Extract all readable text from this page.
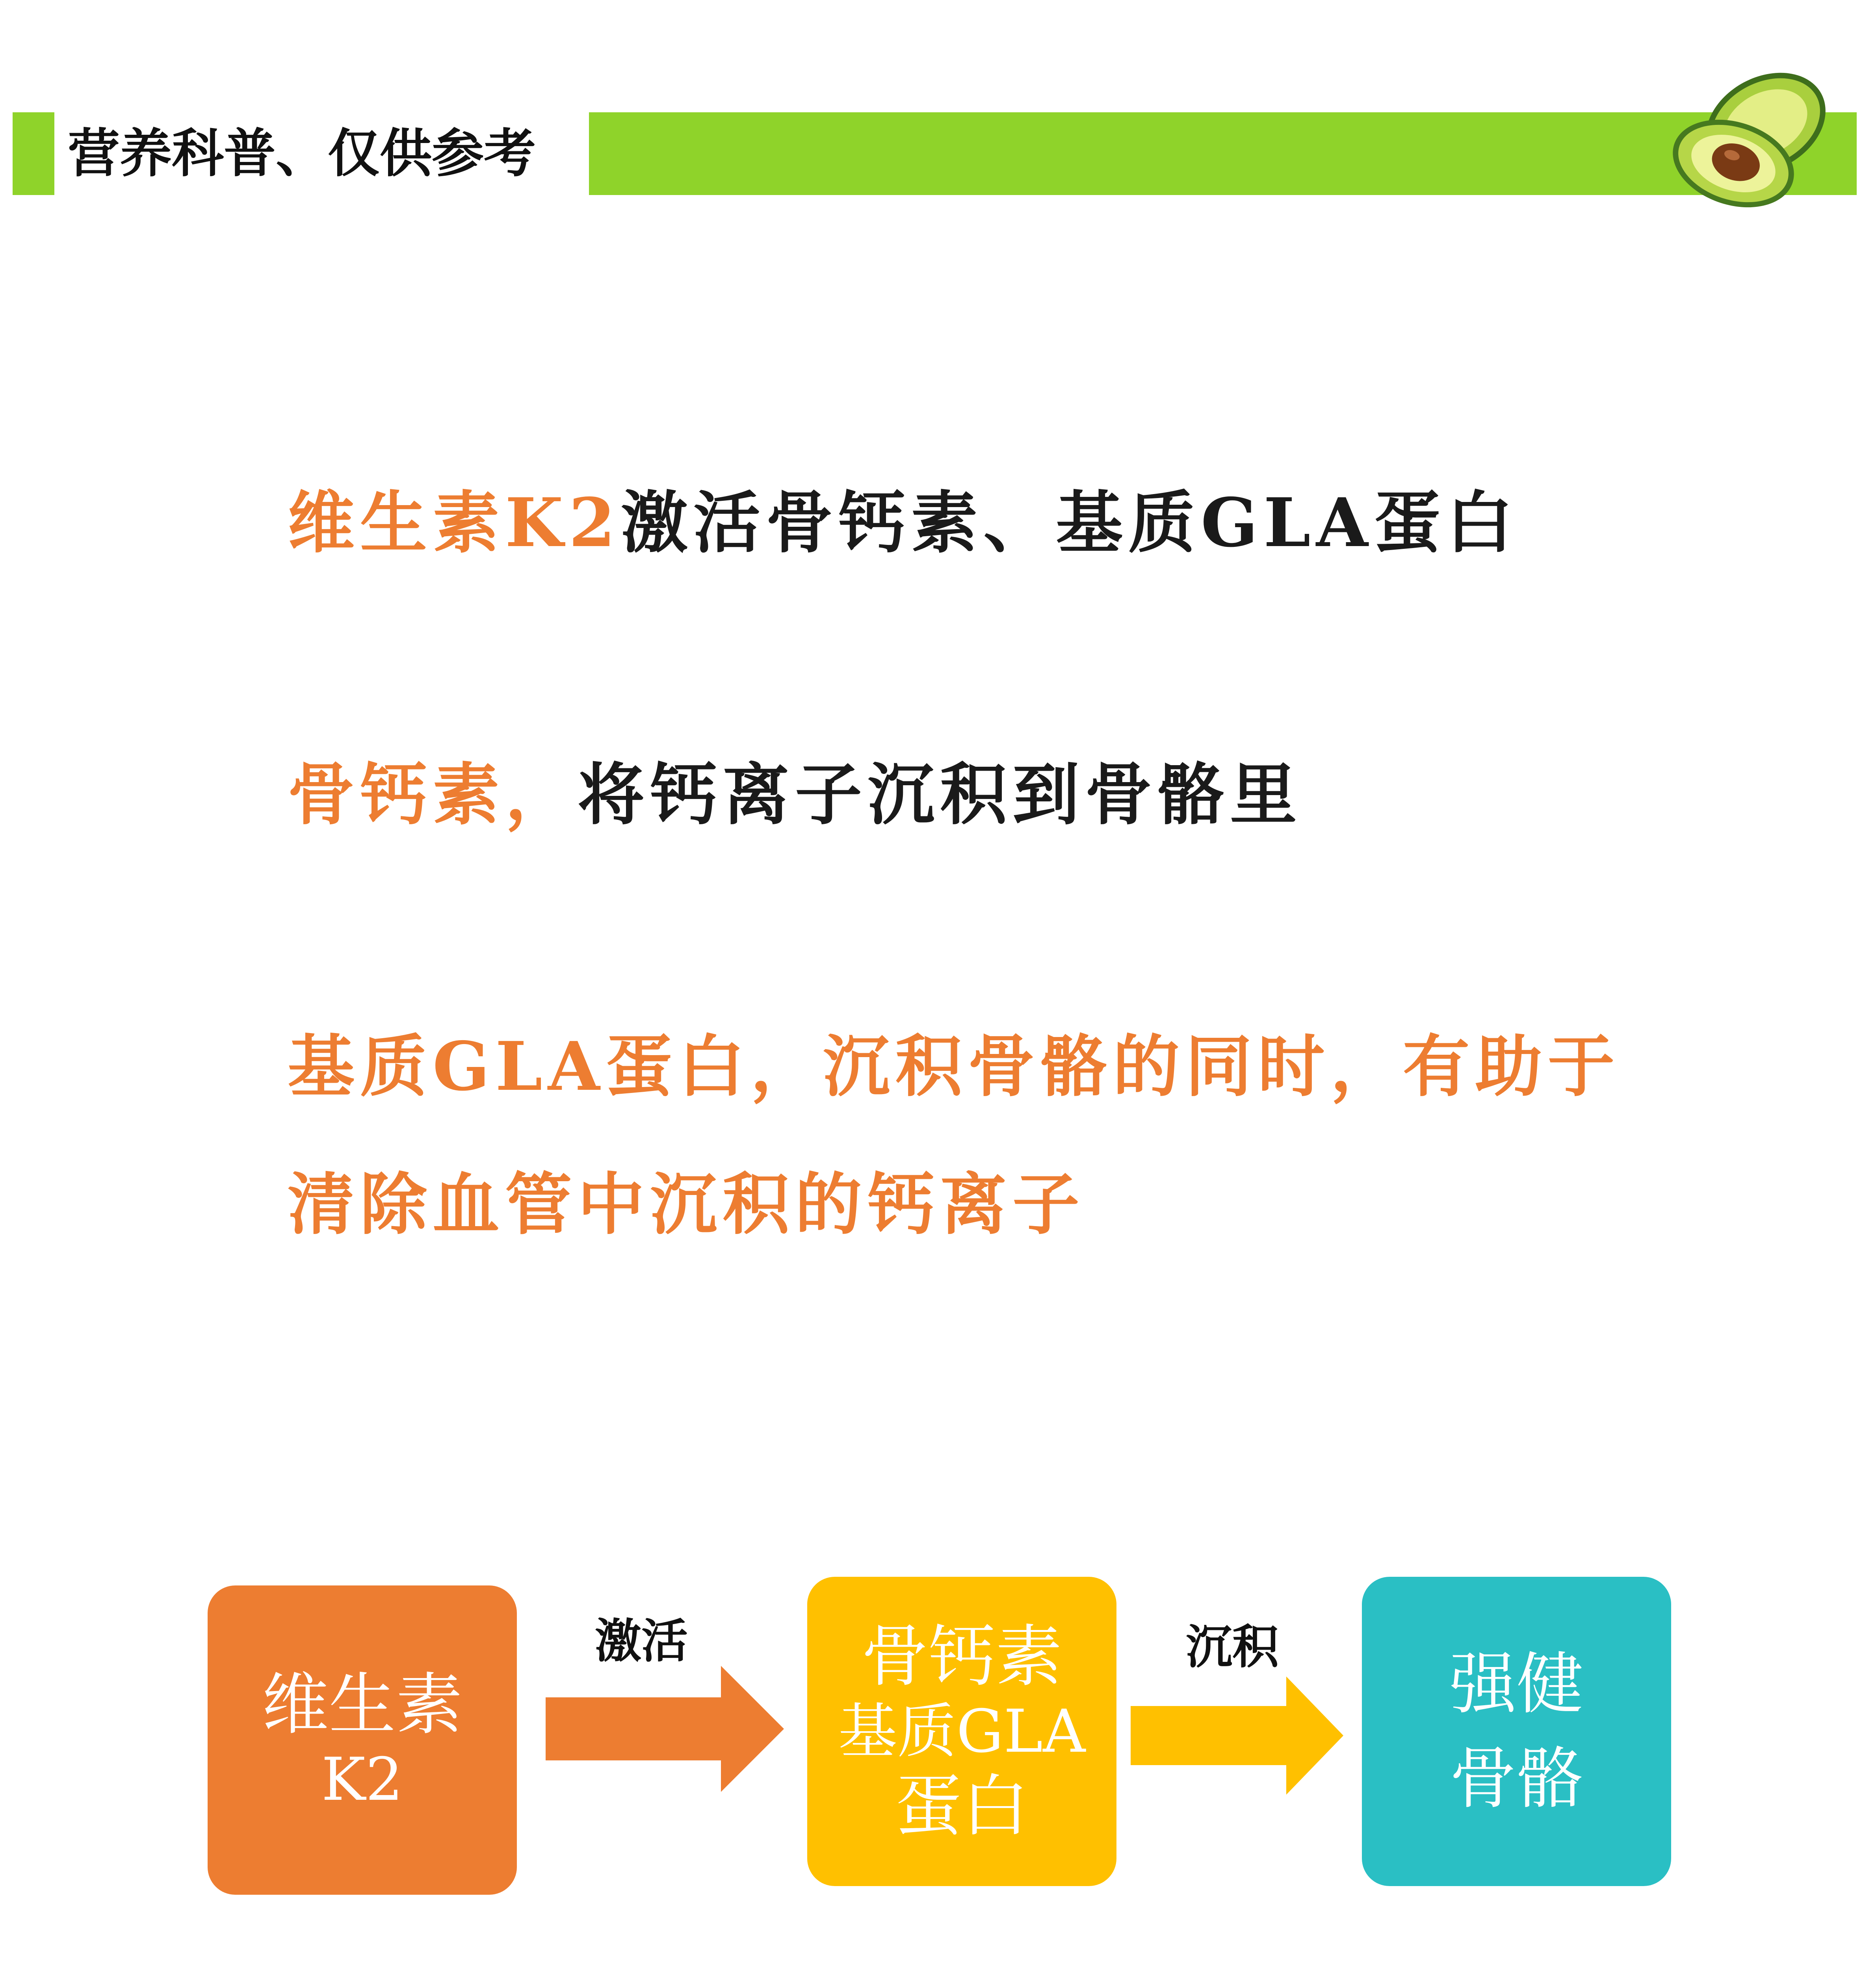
营养科普、仅供参考
维生素K2激活骨钙素、基质GLA蛋白
骨钙素，将钙离子沉积到骨骼里
基质GLA蛋白，沉积骨骼的同时，有助于
清除血管中沉积的钙离子
维生素
K2
激活	骨钙素
基质GLA
蛋白
沉积	强健
骨骼
